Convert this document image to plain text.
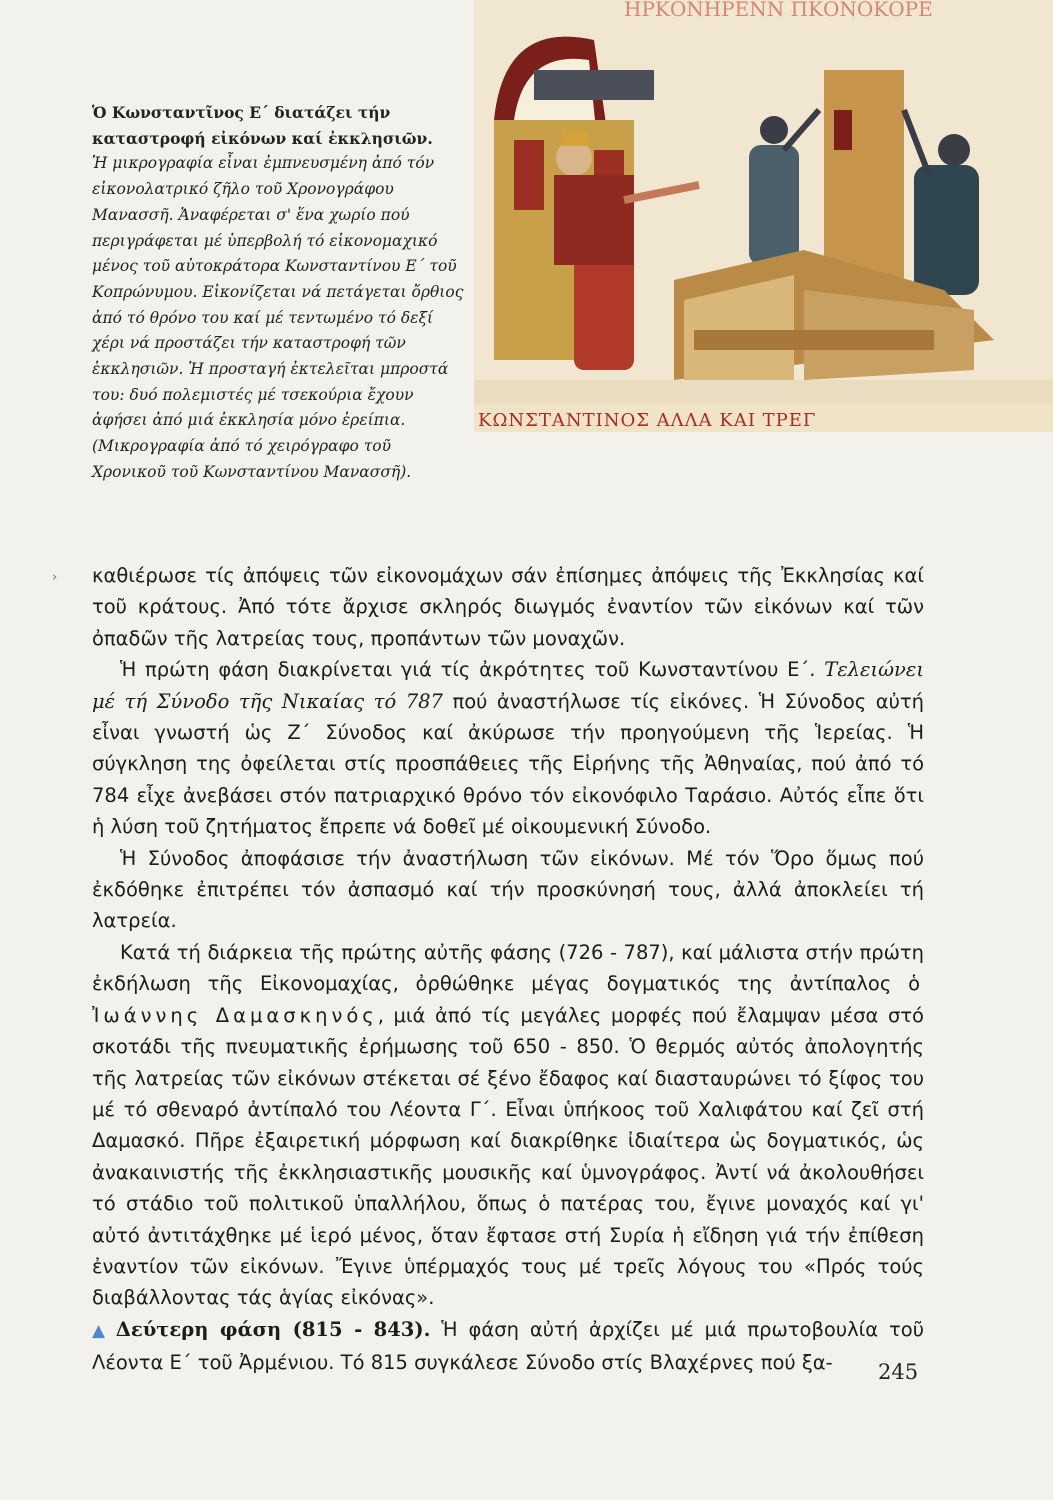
Ὁ Κωνσταντῖνος Ε΄ διατάζει τήν καταστροφή εἰκόνων καί ἐκκλησιῶν.
Ἡ μικρογραφία εἶναι ἐμπνευσμένη ἀπό τόν εἰκονολατρικό ζῆλο τοῦ Χρονογράφου Μανασσῆ. Ἀναφέρεται σ' ἕνα χωρίο πού περιγράφεται μέ ὑπερβολή τό εἰκονομαχικό μένος τοῦ αὐτοκράτορα Κωνσταντίνου Ε΄ τοῦ Κοπρώνυμου. Εἰκονίζεται νά πετάγεται ὄρθιος ἀπό τό θρόνο του καί μέ τεντωμένο τό δεξί χέρι νά προστάζει τήν καταστροφή τῶν ἐκκλησιῶν. Ἡ προσταγή ἐκτελεῖται μπροστά του: δυό πολεμιστές μέ τσεκούρια ἔχουν ἀφήσει ἀπό μιά ἐκκλησία μόνο ἐρείπια. (Μικρογραφία ἀπό τό χειρόγραφο τοῦ Χρονικοῦ τοῦ Κωνσταντίνου Μανασσῆ).
ΗΡΚΟΝΗΡΕΝΝ ΠΚΟΝΟΚΟΡΕ
ΚΩΝΣΤΑΝΤΙΝΟΣ ΑΛΛΑ ΚΑΙ ΤΡΕΓ
› καθιέρωσε τίς ἀπόψεις τῶν εἰκονομάχων σάν ἐπίσημες ἀπόψεις τῆς Ἐκκλησίας καί τοῦ κράτους. Ἀπό τότε ἄρχισε σκληρός διωγμός ἐναντίον τῶν εἰκόνων καί τῶν ὀπαδῶν τῆς λατρείας τους, προπάντων τῶν μοναχῶν.

Ἡ πρώτη φάση διακρίνεται γιά τίς ἀκρότητες τοῦ Κωνσταντίνου Ε΄. Τελειώνει μέ τή Σύνοδο τῆς Νικαίας τό 787 πού ἀναστήλωσε τίς εἰκόνες. Ἡ Σύνοδος αὐτή εἶναι γνωστή ὡς Ζ΄ Σύνοδος καί ἀκύρωσε τήν προηγούμενη τῆς Ἱερείας. Ἡ σύγκληση της ὀφείλεται στίς προσπάθειες τῆς Εἰρήνης τῆς Ἀθηναίας, πού ἀπό τό 784 εἶχε ἀνεβάσει στόν πατριαρχικό θρόνο τόν εἰκονόφιλο Ταράσιο. Αὐτός εἶπε ὅτι ἡ λύση τοῦ ζητήματος ἔπρεπε νά δοθεῖ μέ οἰκουμενική Σύνοδο.

Ἡ Σύνοδος ἀποφάσισε τήν ἀναστήλωση τῶν εἰκόνων. Μέ τόν Ὅρο ὅμως πού ἐκδόθηκε ἐπιτρέπει τόν ἀσπασμό καί τήν προσκύνησή τους, ἀλλά ἀποκλείει τή λατρεία.

Κατά τή διάρκεια τῆς πρώτης αὐτῆς φάσης (726 - 787), καί μάλιστα στήν πρώτη ἐκδήλωση τῆς Εἰκονομαχίας, ὀρθώθηκε μέγας δογματικός της ἀντίπαλος ὁ Ἰωάννης Δαμασκηνός, μιά ἀπό τίς μεγάλες μορφές πού ἔλαμψαν μέσα στό σκοτάδι τῆς πνευματικῆς ἐρήμωσης τοῦ 650 - 850. Ὁ θερμός αὐτός ἀπολογητής τῆς λατρείας τῶν εἰκόνων στέκεται σέ ξένο ἔδαφος καί διασταυρώνει τό ξίφος του μέ τό σθεναρό ἀντίπαλό του Λέοντα Γ΄. Εἶναι ὑπήκοος τοῦ Χαλιφάτου καί ζεῖ στή Δαμασκό. Πῆρε ἐξαιρετική μόρφωση καί διακρίθηκε ἰδιαίτερα ὡς δογματικός, ὡς ἀνακαινιστής τῆς ἐκκλησιαστικῆς μουσικῆς καί ὑμνογράφος. Ἀντί νά ἀκολουθήσει τό στάδιο τοῦ πολιτικοῦ ὑπαλλήλου, ὅπως ὁ πατέρας του, ἔγινε μοναχός καί γι' αὐτό ἀντιτάχθηκε μέ ἱερό μένος, ὅταν ἔφτασε στή Συρία ἡ εἴδηση γιά τήν ἐπίθεση ἐναντίον τῶν εἰκόνων. Ἔγινε ὑπέρμαχός τους μέ τρεῖς λόγους του «Πρός τούς διαβάλλοντας τάς ἁγίας εἰκόνας».

▲ Δεύτερη φάση (815 - 843). Ἡ φάση αὐτή ἀρχίζει μέ μιά πρωτοβουλία τοῦ Λέοντα Ε΄ τοῦ Ἀρμένιου. Τό 815 συγκάλεσε Σύνοδο στίς Βλαχέρνες πού ξα-	245
